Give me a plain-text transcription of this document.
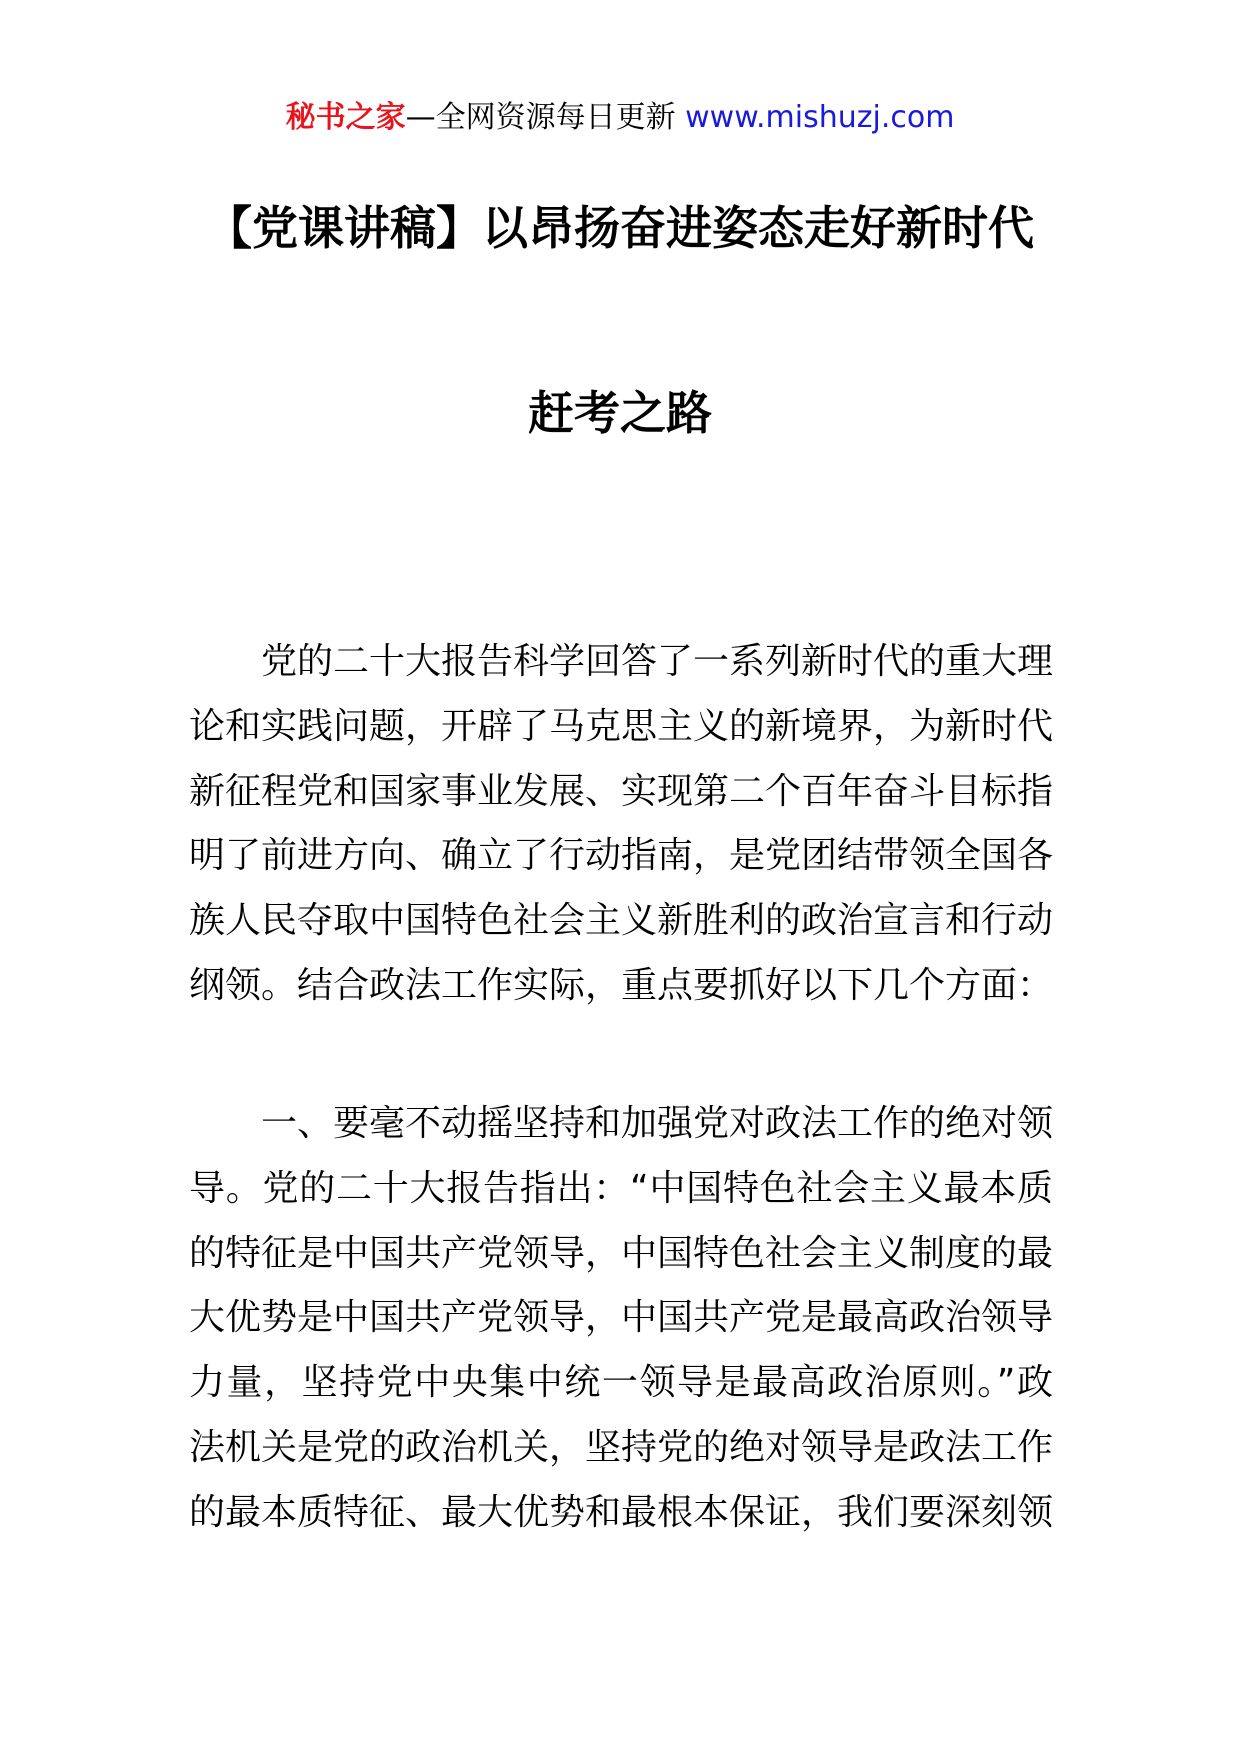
秘书之家—全网资源每日更新 www.mishuzj.com
【党课讲稿】以昂扬奋进姿态走好新时代
赶考之路
党的二十大报告科学回答了一系列新时代的重大理
论和实践问题，开辟了马克思主义的新境界，为新时代
新征程党和国家事业发展、实现第二个百年奋斗目标指
明了前进方向、确立了行动指南，是党团结带领全国各
族人民夺取中国特色社会主义新胜利的政治宣言和行动
纲领。结合政法工作实际，重点要抓好以下几个方面：
一、要毫不动摇坚持和加强党对政法工作的绝对领
导。党的二十大报告指出：“中国特色社会主义最本质
的特征是中国共产党领导，中国特色社会主义制度的最
大优势是中国共产党领导，中国共产党是最高政治领导
力量，坚持党中央集中统一领导是最高政治原则。”政
法机关是党的政治机关，坚持党的绝对领导是政法工作
的最本质特征、最大优势和最根本保证，我们要深刻领
